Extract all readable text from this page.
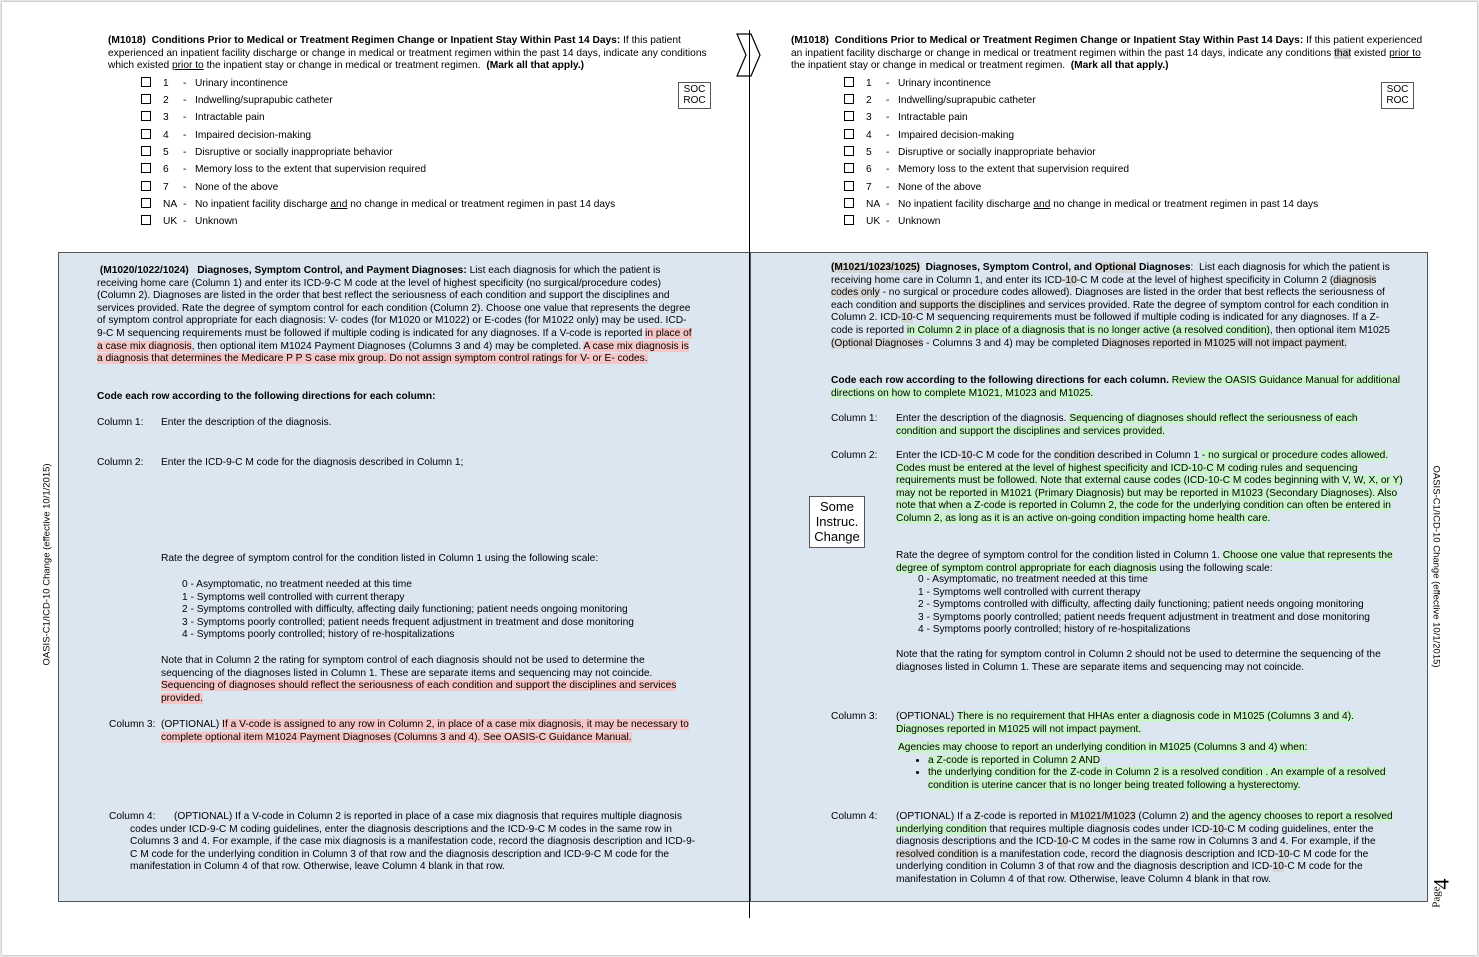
(M1018) Conditions Prior to Medical or Treatment Regimen Change or Inpatient Stay Within Past 14 Days: If this patient experienced an inpatient facility discharge or change in medical or treatment regimen within the past 14 days, indicate any conditions which existed prior to the inpatient stay or change in medical or treatment regimen. (Mark all that apply.)
1 - Urinary incontinence
2 - Indwelling/suprapubic catheter
3 - Intractable pain
4 - Impaired decision-making
5 - Disruptive or socially inappropriate behavior
6 - Memory loss to the extent that supervision required
7 - None of the above
NA - No inpatient facility discharge and no change in medical or treatment regimen in past 14 days
UK - Unknown
SOC
ROC
(M1018) Conditions Prior to Medical or Treatment Regimen Change or Inpatient Stay Within Past 14 Days: If this patient experienced an inpatient facility discharge or change in medical or treatment regimen within the past 14 days, indicate any conditions that existed prior to the inpatient stay or change in medical or treatment regimen. (Mark all that apply.)
1 - Urinary incontinence
2 - Indwelling/suprapubic catheter
3 - Intractable pain
4 - Impaired decision-making
5 - Disruptive or socially inappropriate behavior
6 - Memory loss to the extent that supervision required
7 - None of the above
NA - No inpatient facility discharge and no change in medical or treatment regimen in past 14 days
UK - Unknown
SOC
ROC
(M1020/1022/1024) Diagnoses, Symptom Control, and Payment Diagnoses: List each diagnosis for which the patient is receiving home care (Column 1) and enter its ICD-9-C M code at the level of highest specificity (no surgical/procedure codes) (Column 2). Diagnoses are listed in the order that best reflect the seriousness of each condition and support the disciplines and services provided. Rate the degree of symptom control for each condition (Column 2). Choose one value that represents the degree of symptom control appropriate for each diagnosis: V- codes (for M1020 or M1022) or E-codes (for M1022 only) may be used. ICD-9-C M sequencing requirements must be followed if multiple coding is indicated for any diagnoses. If a V-code is reported in place of a case mix diagnosis, then optional item M1024 Payment Diagnoses (Columns 3 and 4) may be completed. A case mix diagnosis is a diagnosis that determines the Medicare P P S case mix group. Do not assign symptom control ratings for V- or E- codes.
Code each row according to the following directions for each column:
Column 1: Enter the description of the diagnosis.
Column 2: Enter the ICD-9-C M code for the diagnosis described in Column 1;
Rate the degree of symptom control for the condition listed in Column 1 using the following scale:
0 - Asymptomatic, no treatment needed at this time
1 - Symptoms well controlled with current therapy
2 - Symptoms controlled with difficulty, affecting daily functioning; patient needs ongoing monitoring
3 - Symptoms poorly controlled; patient needs frequent adjustment in treatment and dose monitoring
4 - Symptoms poorly controlled; history of re-hospitalizations
Note that in Column 2 the rating for symptom control of each diagnosis should not be used to determine the sequencing of the diagnoses listed in Column 1. These are separate items and sequencing may not coincide. Sequencing of diagnoses should reflect the seriousness of each condition and support the disciplines and services provided.
Column 3: (OPTIONAL) If a V-code is assigned to any row in Column 2, in place of a case mix diagnosis, it may be necessary to complete optional item M1024 Payment Diagnoses (Columns 3 and 4). See OASIS-C Guidance Manual.
Column 4:	(OPTIONAL) If a V-code in Column 2 is reported in place of a case mix diagnosis that requires multiple diagnosis codes under ICD-9-C M coding guidelines, enter the diagnosis descriptions and the ICD-9-C M codes in the same row in Columns 3 and 4. For example, if the case mix diagnosis is a manifestation code, record the diagnosis description and ICD-9-C M code for the underlying condition in Column 3 of that row and the diagnosis description and ICD-9-C M code for the manifestation in Column 4 of that row. Otherwise, leave Column 4 blank in that row.
OASIS-C1/ICD-10 Change (effective 10/1/2015)
(M1021/1023/1025) Diagnoses, Symptom Control, and Optional Diagnoses:  List each diagnosis for which the patient is receiving home care in Column 1, and enter its ICD-10-C M code at the level of highest specificity in Column 2 (diagnosis codes only - no surgical or procedure codes allowed). Diagnoses are listed in the order that best reflects the seriousness of each condition and supports the disciplines and services provided. Rate the degree of symptom control for each condition in Column 2. ICD-10-C M sequencing requirements must be followed if multiple coding is indicated for any diagnoses. If a Z-code is reported in Column 2 in place of a diagnosis that is no longer active (a resolved condition), then optional item M1025 (Optional Diagnoses - Columns 3 and 4) may be completed Diagnoses reported in M1025 will not impact payment.
Code each row according to the following directions for each column. Review the OASIS Guidance Manual for additional directions on how to complete M1021, M1023 and M1025.
Column 1: Enter the description of the diagnosis. Sequencing of diagnoses should reflect the seriousness of each condition and support the disciplines and services provided.
Column 2: Enter the ICD-10-C M code for the condition described in Column 1 - no surgical or procedure codes allowed. Codes must be entered at the level of highest specificity and ICD-10-C M coding rules and sequencing requirements must be followed. Note that external cause codes (ICD-10-C M codes beginning with V, W, X, or Y) may not be reported in M1021 (Primary Diagnosis) but may be reported in M1023 (Secondary Diagnoses). Also note that when a Z-code is reported in Column 2, the code for the underlying condition can often be entered in Column 2, as long as it is an active on-going condition impacting home health care.
Rate the degree of symptom control for the condition listed in Column 1. Choose one value that represents the degree of symptom control appropriate for each diagnosis using the following scale:
0 - Asymptomatic, no treatment needed at this time
1 - Symptoms well controlled with current therapy
2 - Symptoms controlled with difficulty, affecting daily functioning; patient needs ongoing monitoring
3 - Symptoms poorly controlled; patient needs frequent adjustment in treatment and dose monitoring
4 - Symptoms poorly controlled; history of re-hospitalizations
Note that the rating for symptom control in Column 2 should not be used to determine the sequencing of the diagnoses listed in Column 1. These are separate items and sequencing may not coincide.
Column 3: (OPTIONAL) There is no requirement that HHAs enter a diagnosis code in M1025 (Columns 3 and 4). Diagnoses reported in M1025 will not impact payment.
Agencies may choose to report an underlying condition in M1025 (Columns 3 and 4) when:
• a Z-code is reported in Column 2 AND
• the underlying condition for the Z-code in Column 2 is a resolved condition . An example of a resolved condition is uterine cancer that is no longer being treated following a hysterectomy.
Column 4: (OPTIONAL) If a Z-code is reported in M1021/M1023 (Column 2) and the agency chooses to report a resolved underlying condition that requires multiple diagnosis codes under ICD-10-C M coding guidelines, enter the diagnosis descriptions and the ICD-10-C M codes in the same row in Columns 3 and 4. For example, if the resolved condition is a manifestation code, record the diagnosis description and ICD-10-C M code for the underlying condition in Column 3 of that row and the diagnosis description and ICD-10-C M code for the manifestation in Column 4 of that row. Otherwise, leave Column 4 blank in that row.
Some Instruc. Change	OASIS-C1/ICD-10 Change (effective 10/1/2015)
Page
4
